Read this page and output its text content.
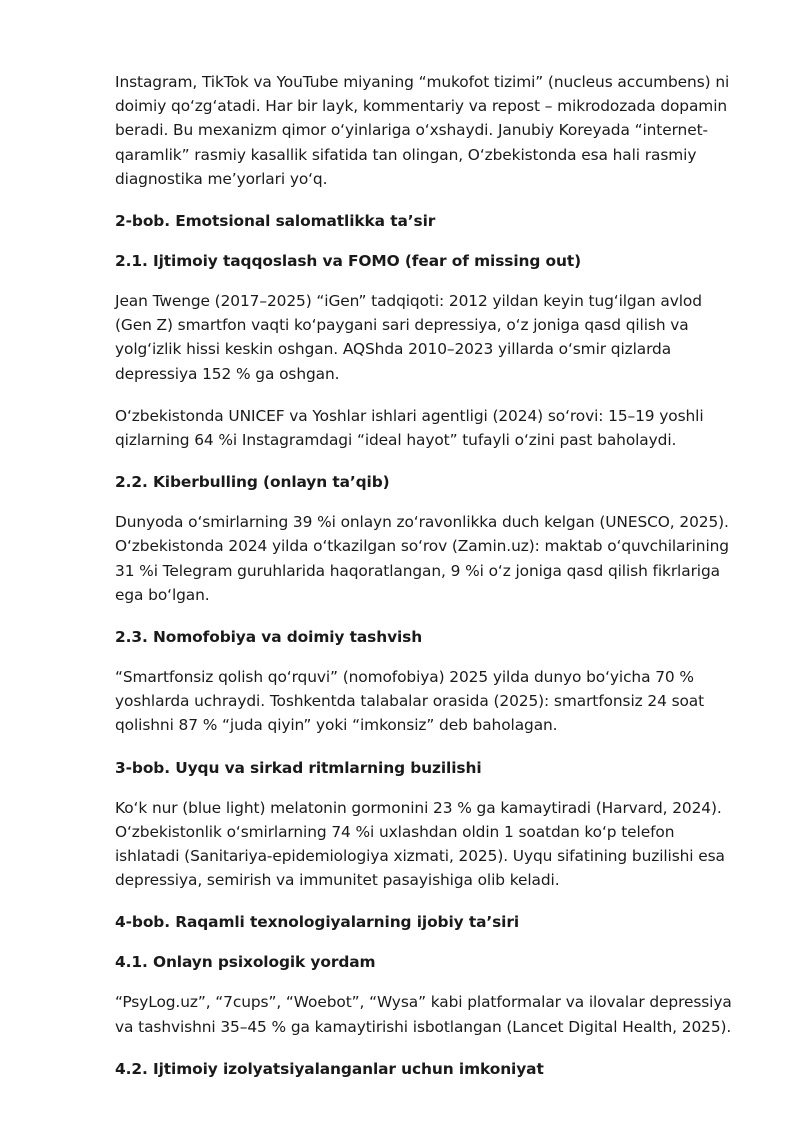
Instagram, TikTok va YouTube miyaning “mukofot tizimi” (nucleus accumbens) ni doimiy qo‘zg‘atadi. Har bir layk, kommentariy va repost – mikrodozada dopamin beradi. Bu mexanizm qimor o‘yinlariga o‘xshaydi. Janubiy Koreyada “internet-qaramlik” rasmiy kasallik sifatida tan olingan, O‘zbekistonda esa hali rasmiy diagnostika me’yorlari yo‘q.

2-bob. Emotsional salomatlikka ta’sir
2.1. Ijtimoiy taqqoslash va FOMO (fear of missing out)

Jean Twenge (2017–2025) “iGen” tadqiqoti: 2012 yildan keyin tug‘ilgan avlod (Gen Z) smartfon vaqti ko‘paygani sari depressiya, o‘z joniga qasd qilish va yolg‘izlik hissi keskin oshgan. AQShda 2010–2023 yillarda o‘smir qizlarda depressiya 152 % ga oshgan.

O‘zbekistonda UNICEF va Yoshlar ishlari agentligi (2024) so‘rovi: 15–19 yoshli qizlarning 64 %i Instagramdagi “ideal hayot” tufayli o‘zini past baholaydi.

2.2. Kiberbulling (onlayn ta’qib)

Dunyoda o‘smirlarning 39 %i onlayn zo‘ravonlikka duch kelgan (UNESCO, 2025). O‘zbekistonda 2024 yilda o‘tkazilgan so‘rov (Zamin.uz): maktab o‘quvchilarining 31 %i Telegram guruhlarida haqoratlangan, 9 %i o‘z joniga qasd qilish fikrlariga ega bo‘lgan.

2.3. Nomofobiya va doimiy tashvish

“Smartfonsiz qolish qo‘rquvi” (nomofobiya) 2025 yilda dunyo bo‘yicha 70 % yoshlarda uchraydi. Toshkentda talabalar orasida (2025): smartfonsiz 24 soat qolishni 87 % “juda qiyin” yoki “imkonsiz” deb baholagan.

3-bob. Uyqu va sirkad ritmlarning buzilishi

Ko‘k nur (blue light) melatonin gormonini 23 % ga kamaytiradi (Harvard, 2024). O‘zbekistonlik o‘smirlarning 74 %i uxlashdan oldin 1 soatdan ko‘p telefon ishlatadi (Sanitariya-epidemiologiya xizmati, 2025). Uyqu sifatining buzilishi esa depressiya, semirish va immunitet pasayishiga olib keladi.

4-bob. Raqamli texnologiyalarning ijobiy ta’siri
4.1. Onlayn psixologik yordam

“PsyLog.uz”, “7cups”, “Woebot”, “Wysa” kabi platformalar va ilovalar depressiya va tashvishni 35–45 % ga kamaytirishi isbotlangan (Lancet Digital Health, 2025).

4.2. Ijtimoiy izolyatsiyalanganlar uchun imkoniyat
